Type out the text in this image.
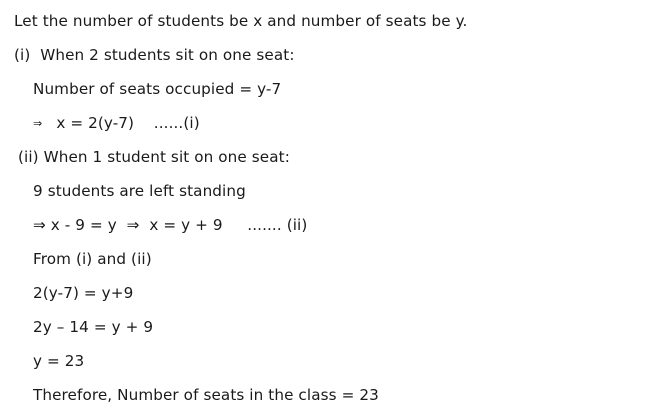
Let the number of students be x and number of seats be y.
(i)  When 2 students sit on one seat:
Number of seats occupied = y-7
⇒ x = 2(y-7)    ......(i)
(ii) When 1 student sit on one seat:
9 students are left standing
⇒ x - 9 = y  ⇒  x = y + 9     ....... (ii)
From (i) and (ii)
2(y-7) = y+9
2y – 14 = y + 9
y = 23
Therefore, Number of seats in the class = 23
